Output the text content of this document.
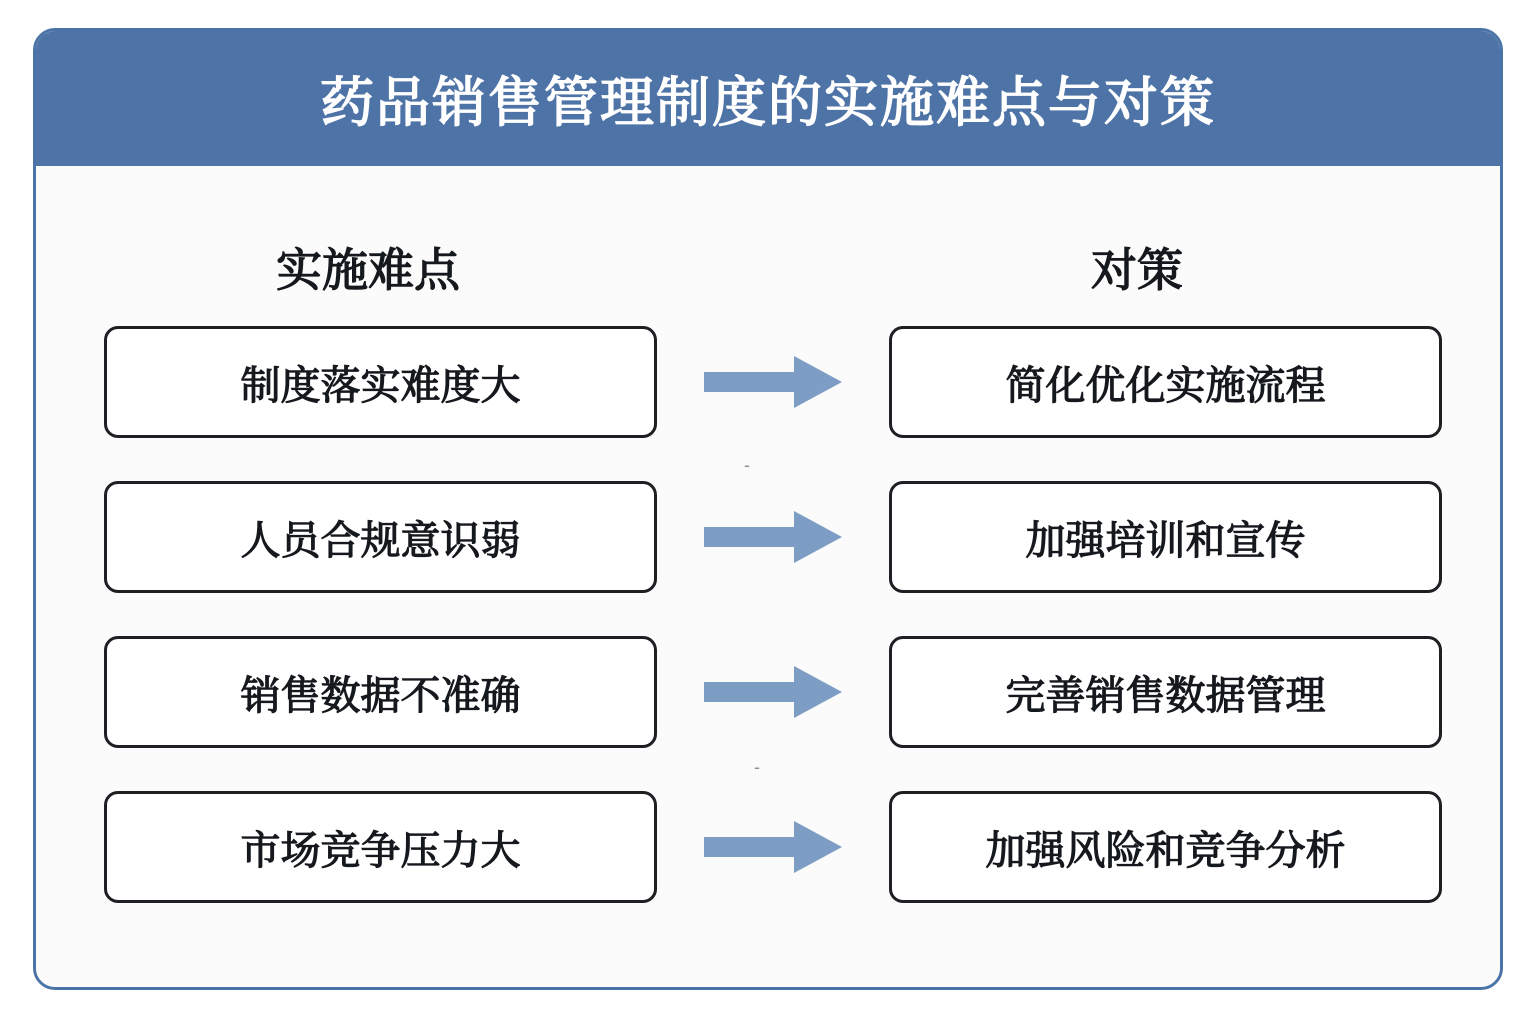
药品销售管理制度的实施难点与对策
实施难点	对策
制度落实难度大	简化优化实施流程
-
人员合规意识弱	加强培训和宣传
销售数据不准确	完善销售数据管理
-
市场竞争压力大	加强风险和竞争分析
